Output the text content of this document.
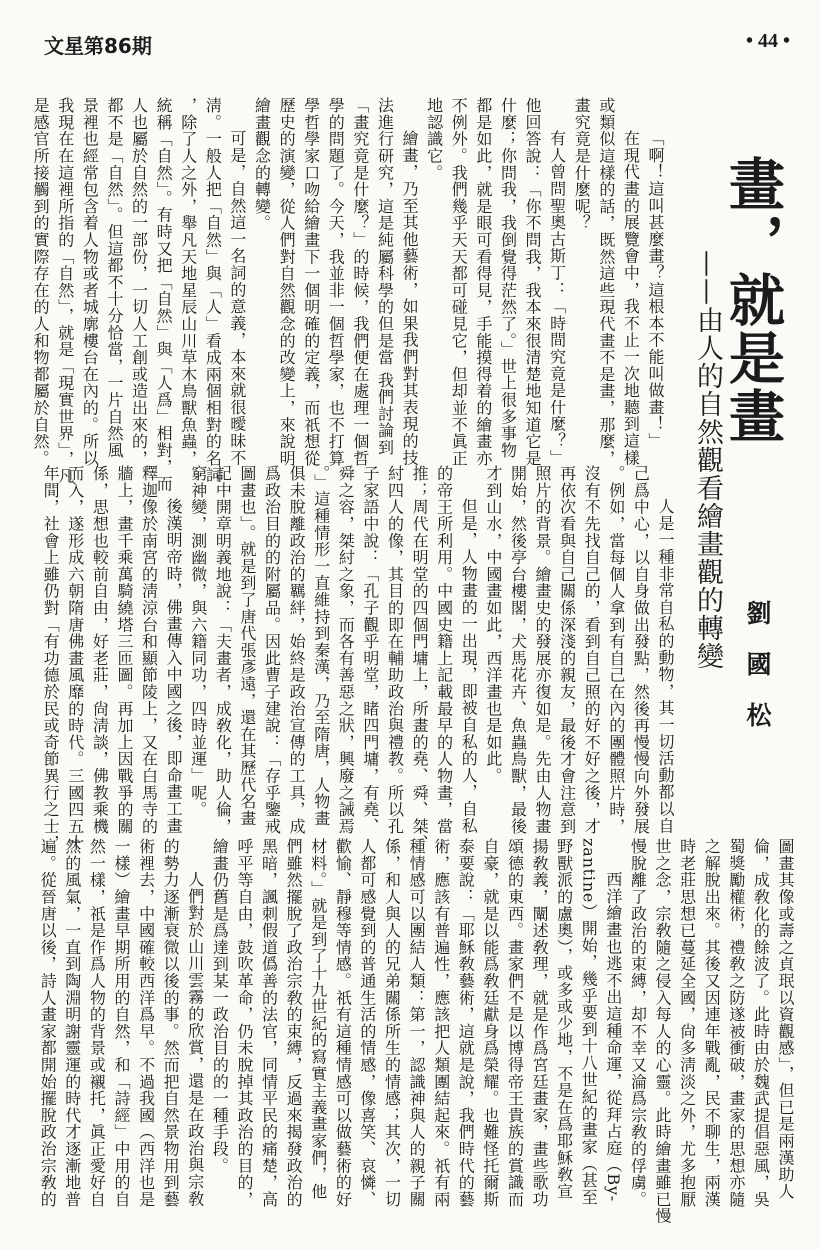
文星第86期	• 44 •
畫，就是畫
——由人的自然觀看繪畫觀的轉變
劉國松
「啊！這叫甚麼畫？這根本不能叫做畫！」
在現代畫的展覽會中，我不止一次地聽到這樣
或類似這樣的話，既然這些現代畫不是畫，那麼，
畫究竟是什麼呢？
有人曾問聖奧古斯丁：「時間究竟是什麼？」
他回答說：「你不問我，我本來很清楚地知道它是
什麼；你問我，我倒覺得茫然了。」世上很多事物
都是如此，就是眼可看得見，手能摸得着的繪畫亦
不例外。我們幾乎天天都可碰見它，但却並不眞正
地認識它。
繪畫，乃至其他藝術，如果我們對其表現的技
法進行研究，這是純屬科學的但是當 我們討論到
「畫究竟是什麼？」的時候，我們便在處理一個哲
學的問題了。今天，我並非一個哲學家，也不打算
學哲學家口吻給繪畫下一個明確的定義，而祇想從
歷史的演變，從人們對自然觀念的改變上，來說明
繪畫觀念的轉變。
可是，自然這一名詞的意義，本來就很曖昧不
淸。一般人把「自然」與「人」看成兩個相對的名詞
，除了人之外，舉凡天地星辰山川草木鳥獸魚蟲，
統稱「自然」。有時又把「自然」與「人爲」相對，而
人也屬於自然的一部份，一切人工創或造出來的，
都不是「自然」。但這都不十分恰當，一片自然風
景裡也經常包含着人物或者城廓樓台在內的。所以
我現在在這裡所指的「自然」，就是「現實世界」，凡
是感官所接觸到的實際存在的人和物都屬於自然。
人是一種非常自私的動物，其一切活動都以自
己爲中心，以自身做出發點，然後再慢慢向外發展
。例如，當每個人拿到有自己在內的團體照片時，
沒有不先找自己的，看到自己照的好不好之後，才
再依次看與自己關係深淺的親友，最後才會注意到
照片的背景。繪畫史的發展亦復如是。先由人物畫
開始，然後亭台樓閣，犬馬花卉、魚蟲鳥獸，最後
才到山水，中國畫如此，西洋畫也是如此。
但是，人物畫的一出現，即被自私的人，自私
的帝王所利用。中國史籍上記載最早的人物畫，當
推；周代在明堂的四個門墉上，所畫的堯、舜、桀、
紂四人的像，其目的即在輔助政治與禮教。所以孔
子家語中說：「孔子觀乎明堂，睹四門墉，有堯、
舜之容，桀紂之象，而各有善惡之狀，興廢之誡焉
。」這種情形一直維持到秦漢，乃至隋唐，人物畫
俱未脫離政治的羈絆，始終是政治宣傳的工具，成
爲政治目的的附屬品。因此曹子建說：「存乎鑒戒
圖畫也」。就是到了唐代張彥遠，還在其歷代名畫
記中開章明義地說：「夫畫者，成敎化，助人倫，
窮神變，測幽微，與六籍同功，四時並運」呢。
後漢明帝時，佛畫傳入中國之後，即命畫工畫
釋迦像於南宮的淸涼台和顯節陵上，又在白馬寺的
牆上，畫千乘萬騎繞塔三匝圖。再加上因戰爭的關
係，思想也較前自由，好老莊，尙淸談，佛教乘機
而入，遂形成六朝隋唐佛畫風靡的時代。三國四五十
年間，社會上雖仍對「有功德於民或奇節異行之士，
圖畫其像或壽之貞珉以資觀感」，但已是兩漢助人
倫，成敎化的餘波了。此時由於魏武提倡惡風，吳
蜀獎勵權術，禮敎之防遂被衝破，畫家的思想亦隨
之解脫出來。其後又因連年戰亂，民不聊生，兩漢
時老莊思想已蔓延全國，尙多淸淡之外，尤多抱厭
世之念，宗敎隨之侵入每人的心靈。此時繪畫雖已慢
慢脫離了政治的束縛，却不幸又淪爲宗敎的俘虜。
西洋繪畫也逃不出這種命運，從拜占庭（By-
zantine）開始，幾乎要到十八世紀的畫家（甚至
野獸派的盧奧），或多或少地，不是在爲耶穌敎宣
揚敎義，闡述敎理，就是作爲宮廷畫家，畫些歌功
頌德的東西。畫家們不是以博得帝王貴族的賞識而
自豪，就是以能爲敎廷獻身爲榮耀。也難怪托爾斯
泰要說：「耶穌敎藝術，這就是說，我們時代的藝
術，應該有普遍性，應該把人類團結起來。祇有兩
種情感可以團結人類：第一，認識神與人的親子關
係，和人與人的兄弟關係所生的情感；其次，一切
人都可感覺到的普通生活的情感，像喜笑、哀憐、
歡愉、靜穆等情感。祇有這種情感可以做藝術的好
材料。」就是到了十九世紀的寫實主義畫家們，他
們雖然擺脫了政治宗敎的束縛，反過來揭發政治的
黑暗，諷刺假道僞善的法官，同情平民的痛楚，高
呼平等自由，鼓吹革命，仍未脫掉其政治的目的，
繪畫仍舊是爲達到某一政治目的的一種手段。
人們對於山川雲霧的欣賞，還是在政治與宗敎
的勢力逐漸衰微以後的事。然而把自然景物用到藝
術裡去，中國確較西洋爲早。不過我國（西洋也是
一樣）繪畫早期所用的自然，和「詩經」中用的自
然一樣，祇是作爲人物的背景或襯托，眞正愛好自
然的風氣，一直到陶淵明謝靈運的時代才逐漸地普
遍。從晉唐以後，詩人畫家都開始擺脫政治宗敎的
